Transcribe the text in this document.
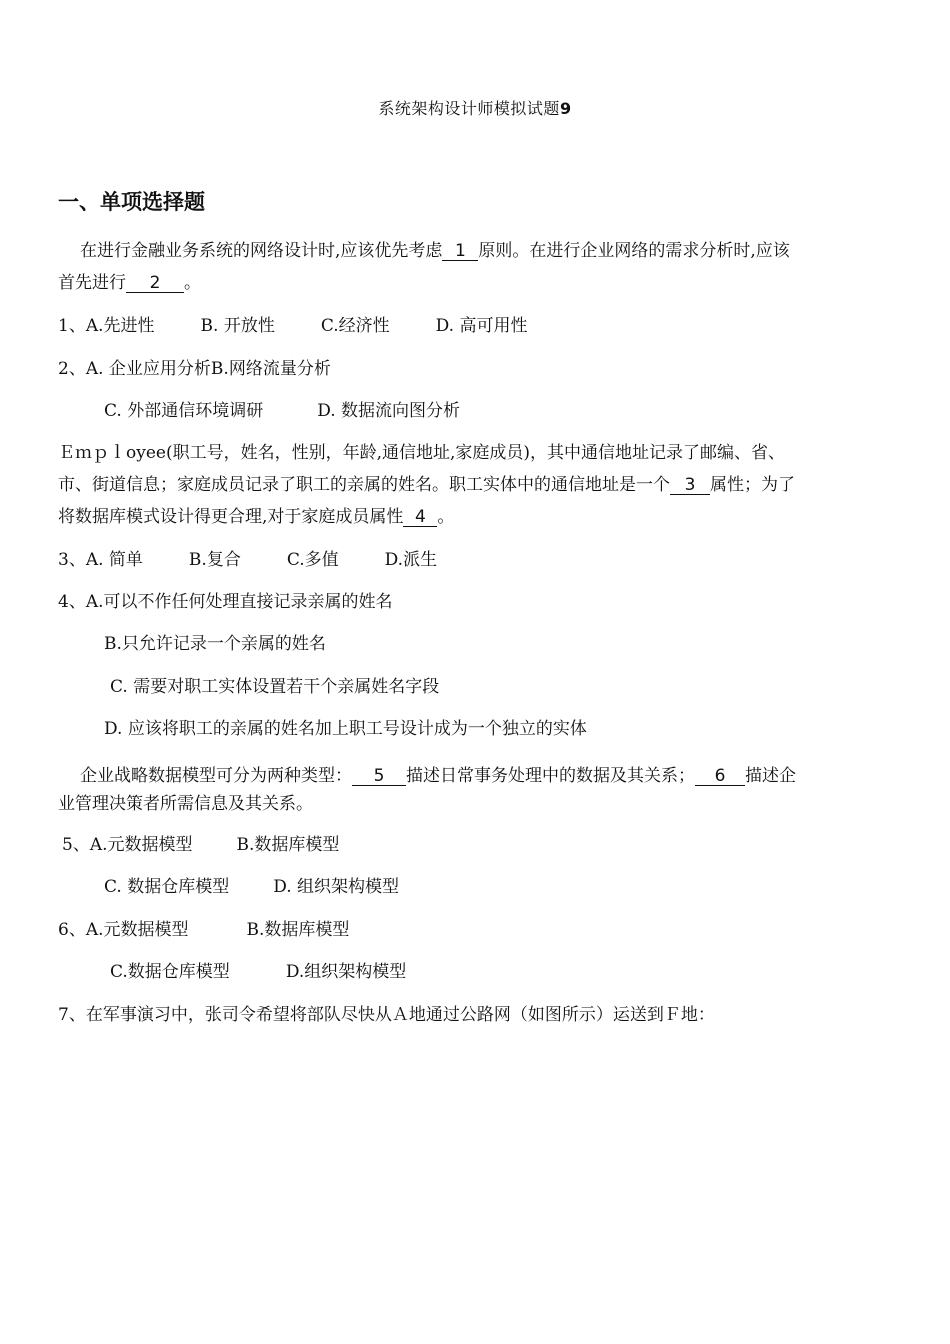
系统架构设计师模拟试题9
一、单项选择题
在进行金融业务系统的网络设计时,应该优先考虑 1 原则。在进行企业网络的需求分析时,应该
首先进行 2 。
1、A.先进性	B. 开放性	C.经济性	D. 高可用性
2、A. 企业应用分析B.网络流量分析
C. 外部通信环境调研	D. 数据流向图分析
Ｅｍｐｌoyee(职工号，姓名，性别，年龄,通信地址,家庭成员)，其中通信地址记录了邮编、省、
市、街道信息；家庭成员记录了职工的亲属的姓名。职工实体中的通信地址是一个 3 属性；为了
将数据库模式设计得更合理,对于家庭成员属性 4 。
3、A. 简单	B.复合	C.多值	D.派生
4、A.可以不作任何处理直接记录亲属的姓名
B.只允许记录一个亲属的姓名
C. 需要对职工实体设置若干个亲属姓名字段
D. 应该将职工的亲属的姓名加上职工号设计成为一个独立的实体
企业战略数据模型可分为两种类型： 5 描述日常事务处理中的数据及其关系； 6 描述企
业管理决策者所需信息及其关系。
5、A.元数据模型	B.数据库模型
C. 数据仓库模型	D. 组织架构模型
6、A.元数据模型	B.数据库模型
C.数据仓库模型	D.组织架构模型
7、在军事演习中，张司令希望将部队尽快从Ａ地通过公路网（如图所示）运送到Ｆ地：
